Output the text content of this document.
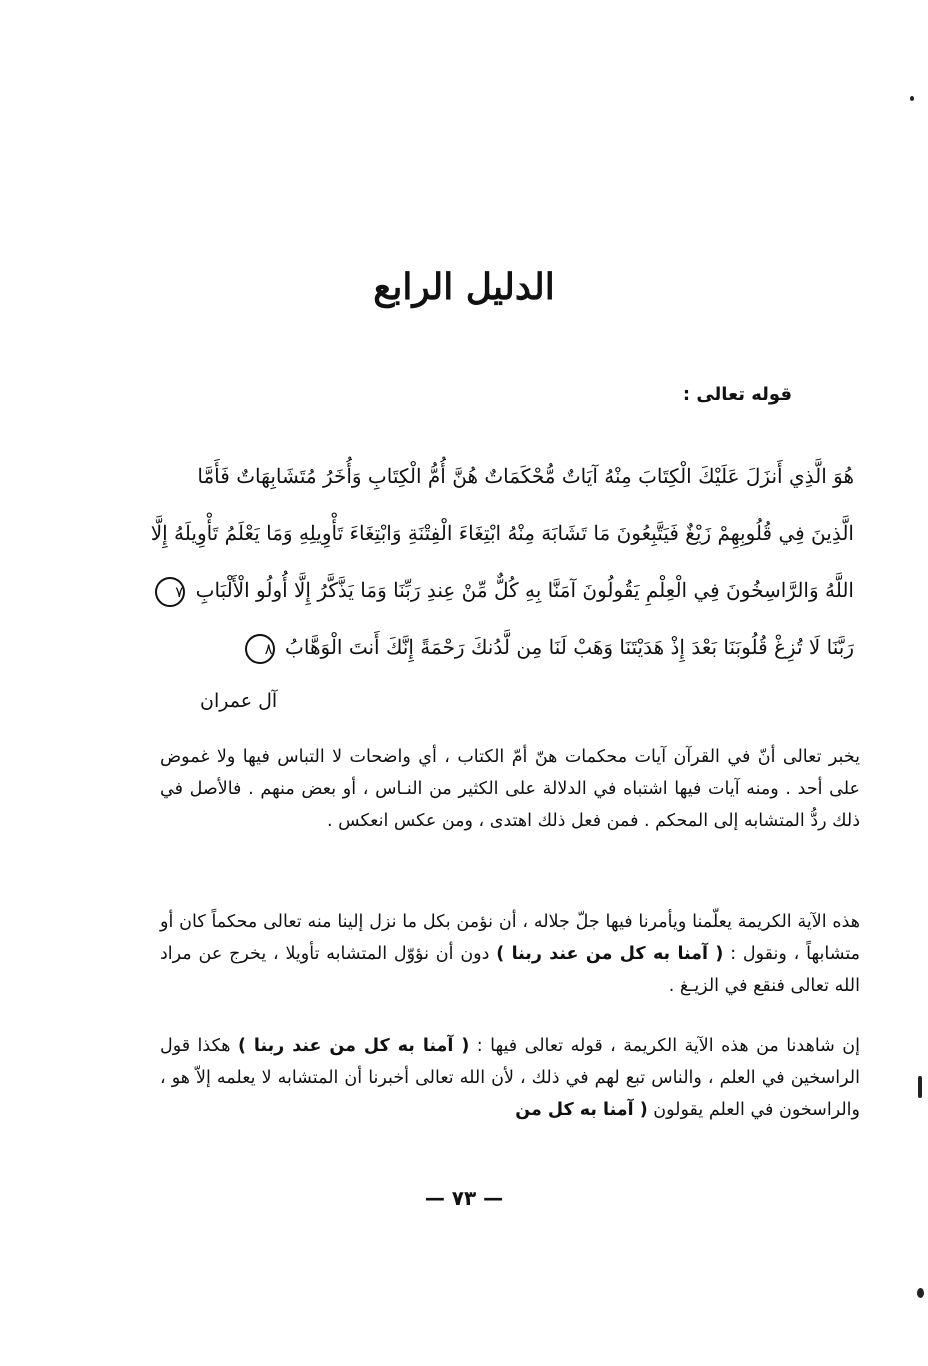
الدليل الرابع
قوله تعالى :
هُوَ الَّذِي أَنزَلَ عَلَيْكَ الْكِتَابَ مِنْهُ آيَاتٌ مُّحْكَمَاتٌ هُنَّ أُمُّ الْكِتَابِ وَأُخَرُ مُتَشَابِهَاتٌ فَأَمَّا
الَّذِينَ فِي قُلُوبِهِمْ زَيْغٌ فَيَتَّبِعُونَ مَا تَشَابَهَ مِنْهُ ابْتِغَاءَ الْفِتْنَةِ وَابْتِغَاءَ تَأْوِيلِهِ وَمَا يَعْلَمُ تَأْوِيلَهُ إِلَّا
اللَّهُ وَالرَّاسِخُونَ فِي الْعِلْمِ يَقُولُونَ آمَنَّا بِهِ كُلٌّ مِّنْ عِندِ رَبِّنَا وَمَا يَذَّكَّرُ إِلَّا أُولُو الْأَلْبَابِ ٧
رَبَّنَا لَا تُزِغْ قُلُوبَنَا بَعْدَ إِذْ هَدَيْتَنَا وَهَبْ لَنَا مِن لَّدُنكَ رَحْمَةً إِنَّكَ أَنتَ الْوَهَّابُ ٨
آل عمران
يخبر تعالى أنّ في القرآن آيات محكمات هنّ أمّ الكتاب ، أي واضحات لا التباس فيها ولا غموض على أحد . ومنه آيات فيها اشتباه في الدلالة على الكثير من النـاس ، أو بعض منهم . فالأصل في ذلك ردُّ المتشابه إلى المحكم . فمن فعل ذلك اهتدى ، ومن عكس انعكس .
هذه الآية الكريمة يعلّمنا ويأمرنا فيها جلّ جلاله ، أن نؤمن بكل ما نزل إلينا منه تعالى محكماً كان أو متشابهاً ، ونقول : ( آمنا به كل من عند ربنا ) دون أن نؤوّل المتشابه تأويلا ، يخرج عن مراد الله تعالى فنقع في الزيـغ .
إن شاهدنا من هذه الآية الكريمة ، قوله تعالى فيها : ( آمنا به كل من عند ربنا ) هكذا قول الراسخين في العلم ، والناس تبع لهم في ذلك ، لأن الله تعالى أخبرنا أن المتشابه لا يعلمه إلاّ هو ، والراسخون في العلم يقولون ( آمنا به كل من
— ٧٣ —
